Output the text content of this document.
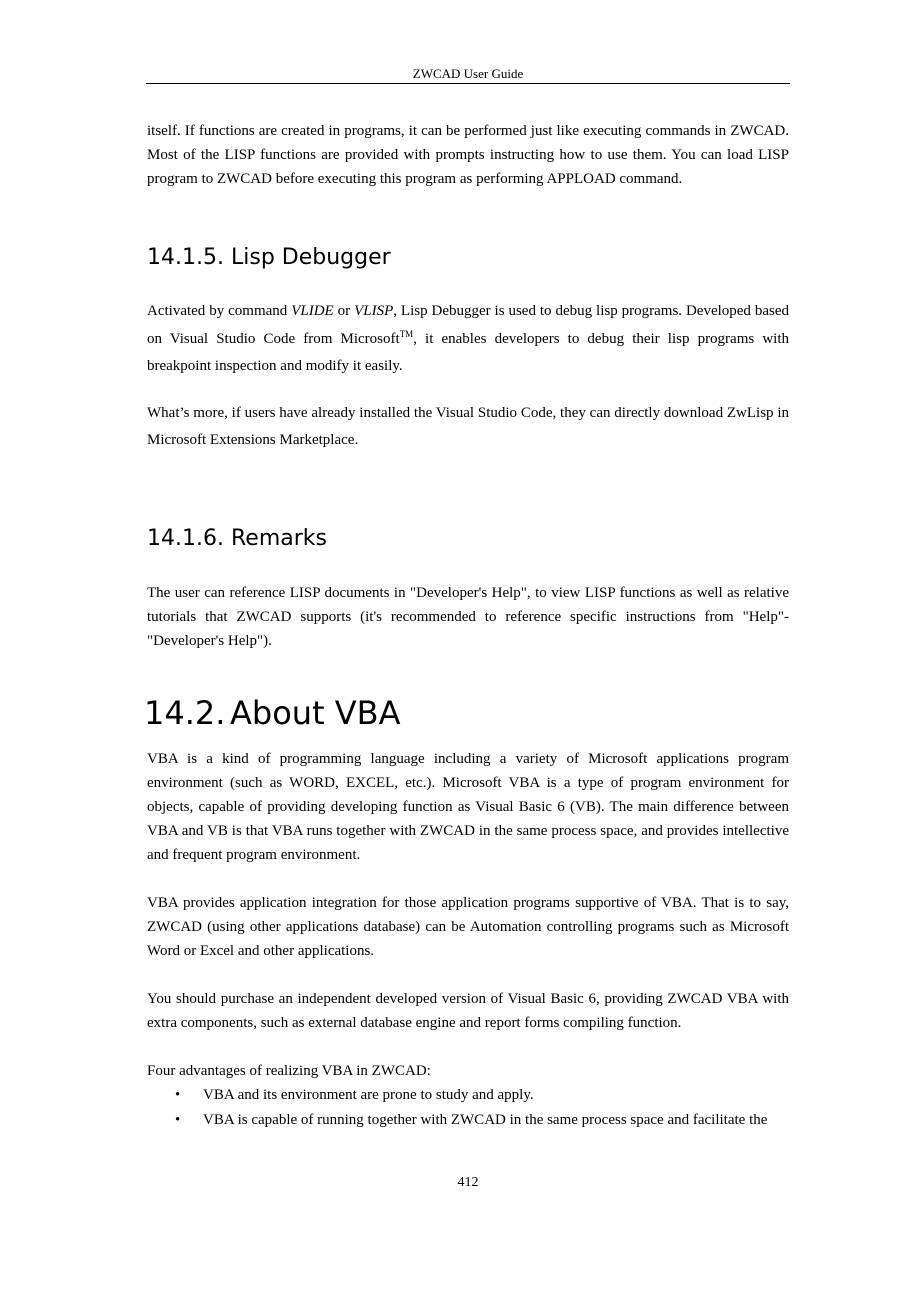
ZWCAD User Guide

itself. If functions are created in programs, it can be performed just like executing commands in ZWCAD. Most of the LISP functions are provided with prompts instructing how to use them. You can load LISP program to ZWCAD before executing this program as performing APPLOAD command.

14.1.5. Lisp Debugger

Activated by command VLIDE or VLISP, Lisp Debugger is used to debug lisp programs. Developed based on Visual Studio Code from Microsoft™, it enables developers to debug their lisp programs with breakpoint inspection and modify it easily.

What’s more, if users have already installed the Visual Studio Code, they can directly download ZwLisp in Microsoft Extensions Marketplace.

14.1.6. Remarks

The user can reference LISP documents in "Developer's Help", to view LISP functions as well as relative tutorials that ZWCAD supports (it's recommended to reference specific instructions from "Help"-"Developer's Help").

14.2. About VBA

VBA is a kind of programming language including a variety of Microsoft applications program environment (such as WORD, EXCEL, etc.). Microsoft VBA is a type of program environment for objects, capable of providing developing function as Visual Basic 6 (VB). The main difference between VBA and VB is that VBA runs together with ZWCAD in the same process space, and provides intellective and frequent program environment.

VBA provides application integration for those application programs supportive of VBA. That is to say, ZWCAD (using other applications database) can be Automation controlling programs such as Microsoft Word or Excel and other applications.

You should purchase an independent developed version of Visual Basic 6, providing ZWCAD VBA with extra components, such as external database engine and report forms compiling function.

Four advantages of realizing VBA in ZWCAD:

• VBA and its environment are prone to study and apply.
• VBA is capable of running together with ZWCAD in the same process space and facilitate the
412
